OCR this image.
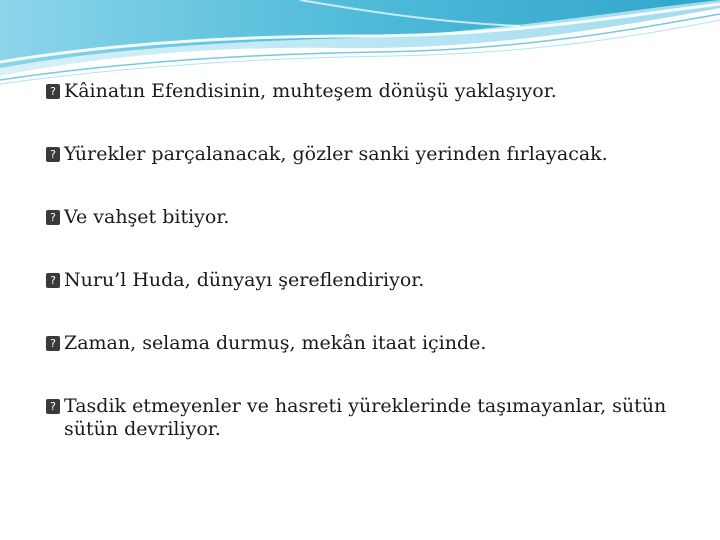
? Kâinatın Efendisinin, muhteşem dönüşü yaklaşıyor.
? Yürekler parçalanacak, gözler sanki yerinden fırlayacak.
? Ve vahşet bitiyor.
? Nuru’l Huda, dünyayı şereflendiriyor.
? Zaman, selama durmuş, mekân itaat içinde.
? Tasdik etmeyenler ve hasreti yüreklerinde taşımayanlar, sütün sütün devriliyor.
